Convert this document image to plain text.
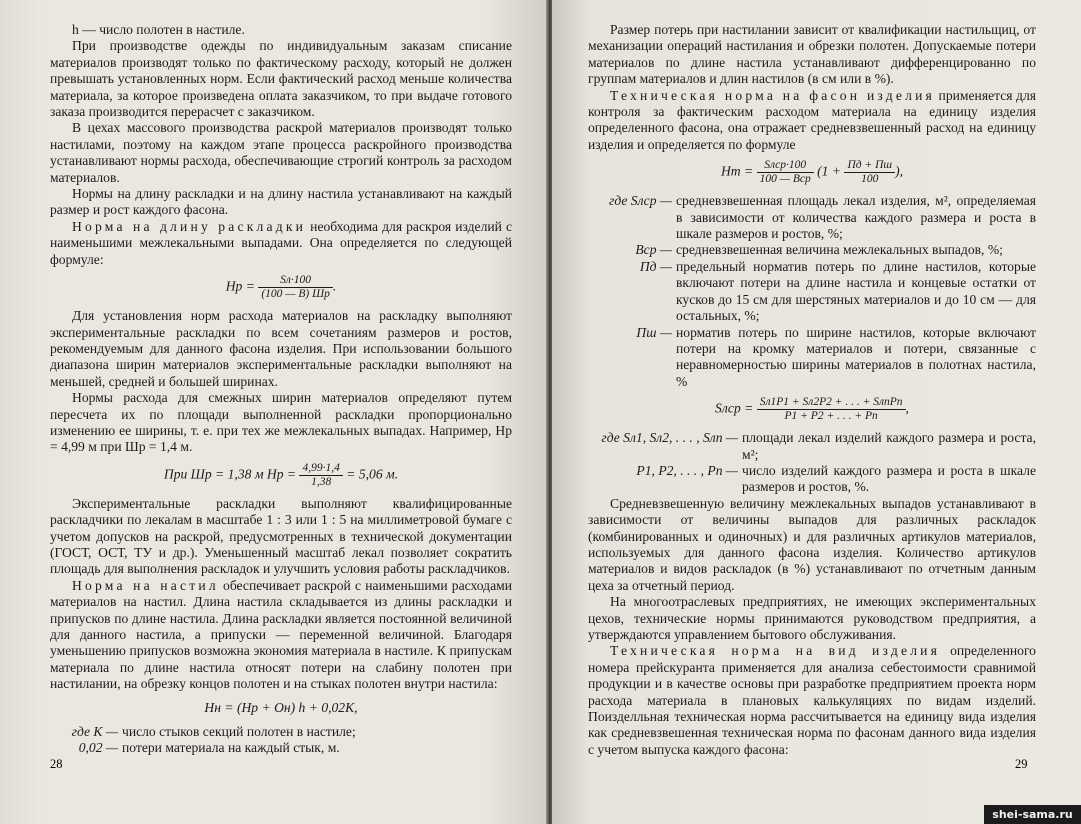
h — число полотен в настиле.

При производстве одежды по индивидуальным заказам списание материалов производят только по фактическому расходу, который не должен превышать установленных норм. Если фактический расход меньше количества материала, за которое произведена оплата заказчиком, то при выдаче готового заказа производится перерасчет с заказчиком.

В цехах массового производства раскрой материалов производят только настилами, поэтому на каждом этапе процесса раскройного производства устанавливают нормы расхода, обеспечивающие строгий контроль за расходом материалов.

Нормы на длину раскладки и на длину настила устанавливают на каждый размер и рост каждого фасона.

Норма на длину раскладки необходима для раскроя изделий с наименьшими межлекальными выпадами. Она определяется по следующей формуле:

Hр = $\frac{Sл\cdot 100}{(100 — B) Шр}$ .

Для установления норм расхода материалов на раскладку выполняют экспериментальные раскладки по всем сочетаниям размеров и ростов, рекомендуемым для данного фасона изделия. При использовании большого диапазона ширин материалов экспериментальные раскладки выполняют на меньшей, средней и большей ширинах.

Нормы расхода для смежных ширин материалов определяют путем пересчета их по площади выполненной раскладки пропорционально изменению ее ширины, т. е. при тех же межлекальных выпадах. Например, Hр = 4,99 м при Шр = 1,4 м.

При Шр = 1,38 м Hр = $\frac{4,99\cdot 1,4}{1,38} = 5,06$ м.

Экспериментальные раскладки выполняют квалифицированные раскладчики по лекалам в масштабе 1 : 3 или 1 : 5 на миллиметровой бумаге с учетом допусков на раскрой, предусмотренных в технической документации (ГОСТ, ОСТ, ТУ и др.). Уменьшенный масштаб лекал позволяет сократить площадь для выполнения раскладок и улучшить условия работы раскладчиков.

Норма на настил обеспечивает раскрой с наименьшими расходами материалов на настил. Длина настила складывается из длины раскладки и припусков по длине настила. Длина раскладки является постоянной величиной для данного настила, а припуски — переменной величиной. Благодаря уменьшению припусков возможна экономия материала в настиле. К припускам материала по длине настила относят потери на слабину полотен при настилании, на обрезку концов полотен и на стыках полотен внутри настила:

Hн = (Hр + Oн) h + 0,02K,
где K — число стыков секций полотен в настиле;
0,02 — потери материала на каждый стык, м.

Размер потерь при настилании зависит от квалификации настильщиц, от механизации операций настилания и обрезки полотен. Допускаемые потери материалов по длине настила устанавливают дифференцированно по группам материалов и длин настилов (в см или в %).

Техническая норма на фасон изделия применяется для контроля за фактическим расходом материала на единицу изделия определенного фасона, она отражает средневзвешенный расход на единицу изделия и определяется по формуле

Hт = $\frac{\text{Sлср·100}}{\text{100 — Bср}} (1 + \frac{Пд + Пш}{100}$ ),
где Sлср — средневзвешенная площадь лекал изделия, м², определяемая в зависимости от количества каждого размера и роста в шкале размеров и ростов, %;
Bср — средневзвешенная величина межлекальных выпадов, %;
Пд — предельный норматив потерь по длине настилов, которые включают потери на длине настила и концевые остатки от кусков до 15 см для шерстяных материалов и до 10 см — для остальных, %;
Пш — норматив потерь по ширине настилов, которые включают потери на кромку материалов и потери, связанные с неравномерностью ширины материалов в полотнах настила, %
Sлср = $\frac{\text{Sл1P1 + Sл2P2 + . . . + SлnPn}}{P1 + P2 + . . . + Pn}$ ,
где Sл1, Sл2, . . . , Sлn — площади лекал изделий каждого размера и роста, м²;
P1, P2, . . . , Pn — число изделий каждого размера и роста в шкале размеров и ростов, %.

Средневзвешенную величину межлекальных выпадов устанавливают в зависимости от величины выпадов для различных раскладок (комбинированных и одиночных) и для различных артикулов материалов, используемых для данного фасона изделия. Количество артикулов материалов и видов раскладок (в %) устанавливают по отчетным данным цеха за отчетный период.

На многоотраслевых предприятиях, не имеющих экспериментальных цехов, технические нормы принимаются руководством предприятия, а утверждаются управлением бытового обслуживания.

Техническая норма на вид изделия определенного номера прейскуранта применяется для анализа себестоимости сравнимой продукции и в качестве основы при разработке предприятием проекта норм расхода материала в плановых калькуляциях по видам изделий. Поизделльная техническая норма рассчитывается на единицу вида изделия как средневзвешенная техническая норма по фасонам данного вида изделия с учетом выпуска каждого фасона:

28	29
shei-sama.ru
